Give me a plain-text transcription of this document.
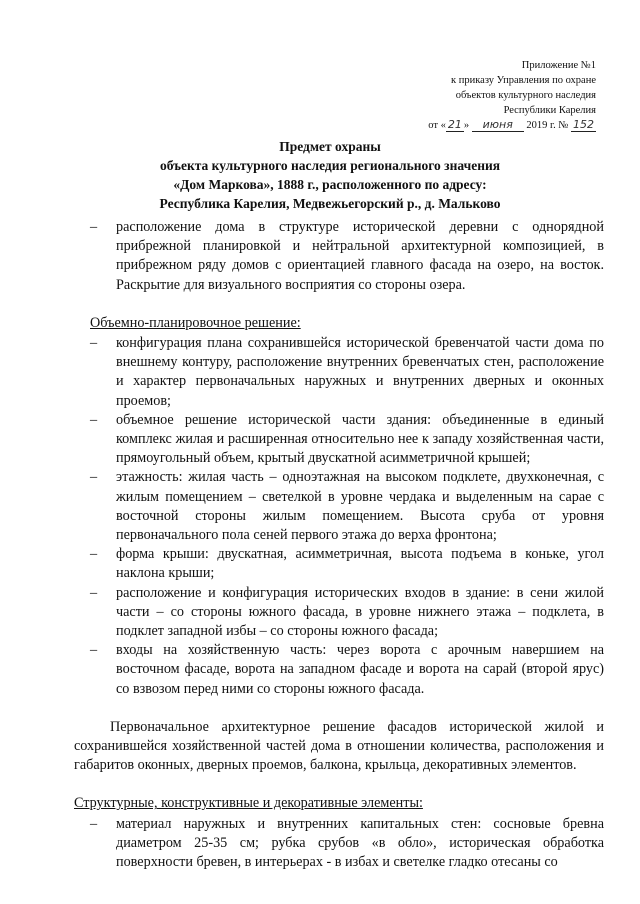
Приложение №1
к приказу Управления по охране
объектов культурного наследия
Республики Карелия
от « 21 » июня 2019 г. № 152
Предмет охраны
объекта культурного наследия регионального значения
«Дом Маркова», 1888 г., расположенного по адресу:
Республика Карелия, Медвежьегорский р., д. Мальково

– расположение дома в структуре исторической деревни с однорядной прибрежной планировкой и нейтральной архитектурной композицией, в прибрежном ряду домов с ориентацией главного фасада на озеро, на восток. Раскрытие для визуального восприятия со стороны озера.

Объемно-планировочное решение:

– конфигурация плана сохранившейся исторической бревенчатой части дома по внешнему контуру, расположение внутренних бревенчатых стен, расположение и характер первоначальных наружных и внутренних дверных и оконных проемов;

– объемное решение исторической части здания: объединенные в единый комплекс жилая и расширенная относительно нее к западу хозяйственная части, прямоугольный объем, крытый двускатной асимметричной крышей;

– этажность: жилая часть – одноэтажная на высоком подклете, двухконечная, с жилым помещением – светелкой в уровне чердака и выделенным на сарае с восточной стороны жилым помещением. Высота сруба от уровня первоначального пола сеней первого этажа до верха фронтона;

– форма крыши: двускатная, асимметричная, высота подъема в коньке, угол наклона крыши;

– расположение и конфигурация исторических входов в здание: в сени жилой части – со стороны южного фасада, в уровне нижнего этажа – подклета, в подклет западной избы – со стороны южного фасада;

– входы на хозяйственную часть: через ворота с арочным навершием на восточном фасаде, ворота на западном фасаде и ворота на сарай (второй ярус) со взвозом перед ними со стороны южного фасада.

Первоначальное архитектурное решение фасадов исторической жилой и сохранившейся хозяйственной частей дома в отношении количества, расположения и габаритов оконных, дверных проемов, балкона, крыльца, декоративных элементов.

Структурные, конструктивные и декоративные элементы:

– материал наружных и внутренних капитальных стен: сосновые бревна диаметром 25-35 см; рубка срубов «в обло», историческая обработка поверхности бревен, в интерьерах - в избах и светелке гладко отесаны со
